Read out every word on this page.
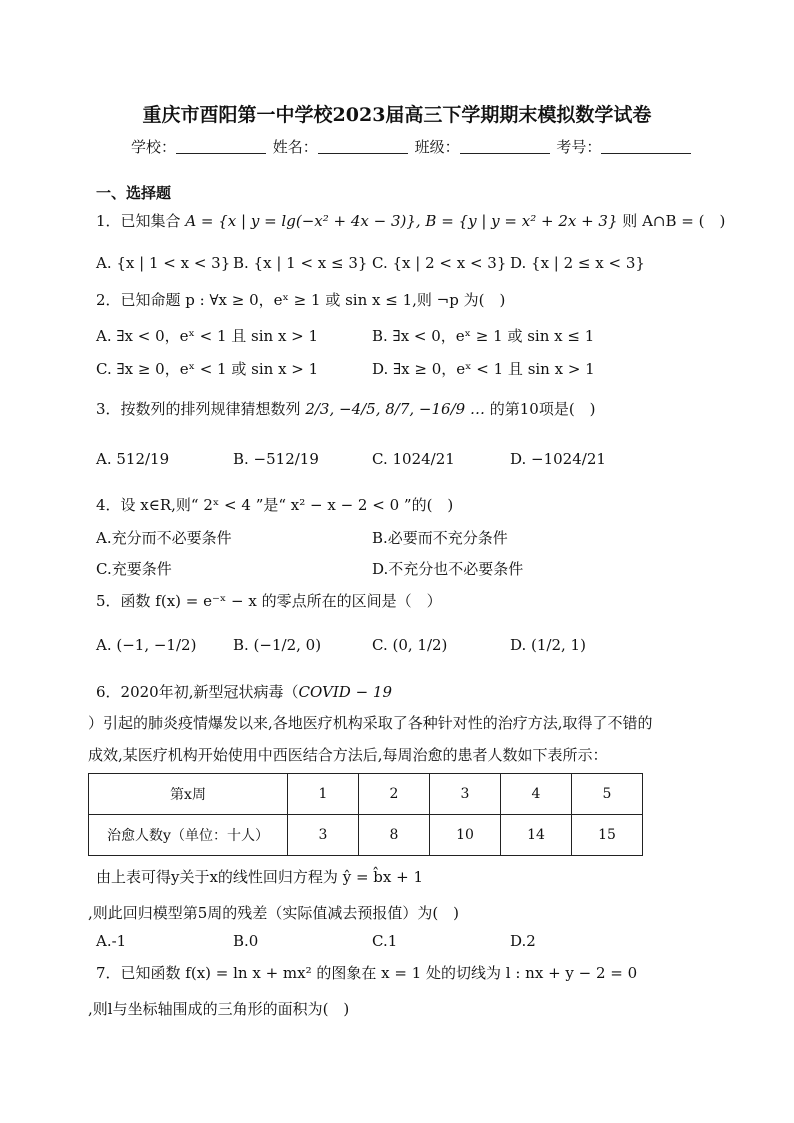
重庆市酉阳第一中学校2023届高三下学期期末模拟数学试卷
学校：	姓名：	班级：	考号：
一、选择题
1．已知集合 A = {x | y = lg(−x² + 4x − 3)}, B = {y | y = x² + 2x + 3} 则 A∩B = (　)
A. {x | 1 < x < 3} B. {x | 1 < x ≤ 3} C. {x | 2 < x < 3} D. {x | 2 ≤ x < 3}
2．已知命题 p : ∀x ≥ 0，eˣ ≥ 1 或 sin x ≤ 1,则 ¬p 为(　)
A. ∃x < 0，eˣ < 1 且 sin x > 1	B. ∃x < 0，eˣ ≥ 1 或 sin x ≤ 1
C. ∃x ≥ 0，eˣ < 1 或 sin x > 1	D. ∃x ≥ 0，eˣ < 1 且 sin x > 1
3．按数列的排列规律猜想数列 2/3, −4/5, 8/7, −16/9 … 的第10项是(　)
A. 512/19	B. −512/19	C. 1024/21	D. −1024/21
4．设 x∈R,则“ 2ˣ < 4 ”是“ x² − x − 2 < 0 ”的(　)
A.充分而不必要条件	B.必要而不充分条件
C.充要条件	D.不充分也不必要条件
5．函数 f(x) = e⁻ˣ − x 的零点所在的区间是（　）
A. (−1, −1/2) B. (−1/2, 0)	C. (0, 1/2)	D. (1/2, 1)
6．2020年初,新型冠状病毒（COVID − 19
）引起的肺炎疫情爆发以来,各地医疗机构采取了各种针对性的治疗方法,取得了不错的
成效,某医疗机构开始使用中西医结合方法后,每周治愈的患者人数如下表所示：
第x周	1	2	3	4	5
治愈人数y（单位：十人）	3	8	10	14	15
由上表可得y关于x的线性回归方程为 ŷ = b̂x + 1
,则此回归模型第5周的残差（实际值减去预报值）为(　)
A.-1	B.0	C.1	D.2
7．已知函数 f(x) = ln x + mx² 的图象在 x = 1 处的切线为 l : nx + y − 2 = 0
,则l与坐标轴围成的三角形的面积为(　)
